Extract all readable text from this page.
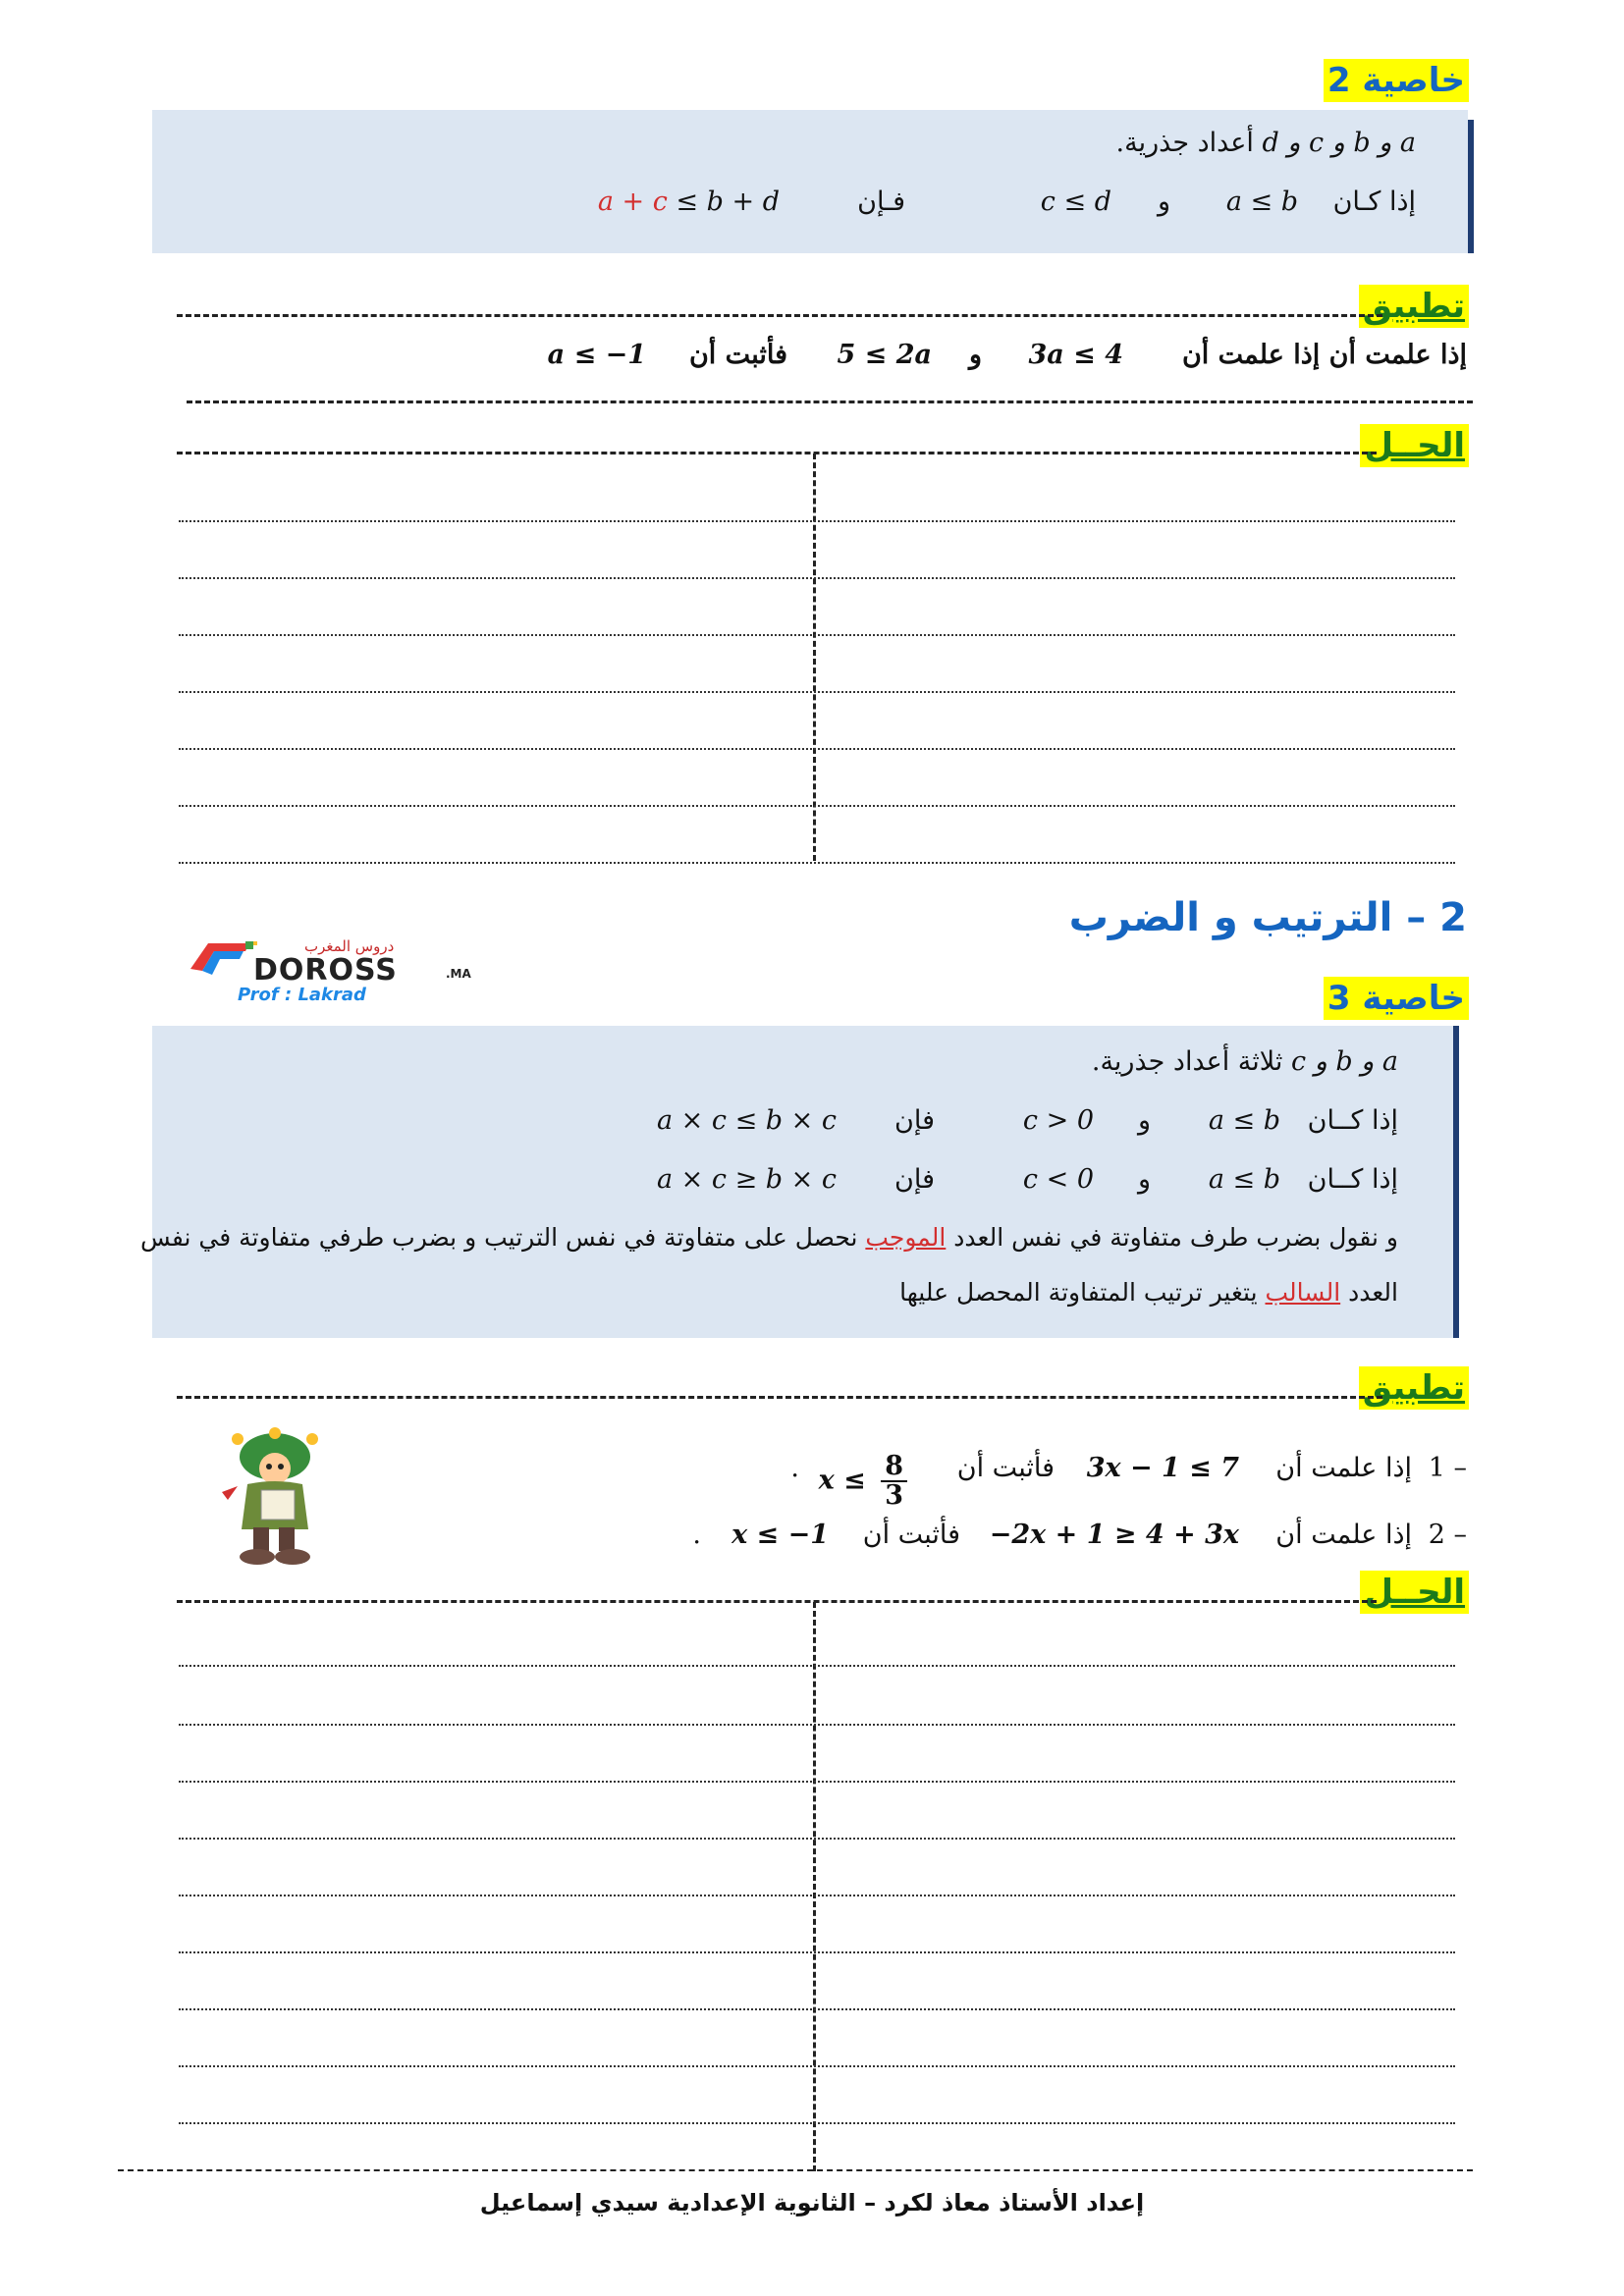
خاصية 2
a و b و c و d أعداد جذرية.
إذا كـان
a ≤ b
و
c ≤ d
فـإن
a + c ≤ b + d
تطبيق
إذا علمت أن إذا علمت أن
3a ≤ 4
و
5 ≤ 2a
فأثبت أن
a ≤ −1
الحــل
2 – الترتيب و الضرب
دروس المغرب
DOROSS	.MA
Prof : Lakrad	خاصية 3
a و b و c ثلاثة أعداد جذرية.
إذا كــان
a ≤ b
و
c > 0
فإن
a × c ≤ b × c
إذا كــان
a ≤ b
و
c < 0
فإن
a × c ≥ b × c
و نقول بضرب طرف متفاوتة في نفس العدد الموجب نحصل على متفاوتة في نفس الترتيب و بضرب طرفي متفاوتة في نفس
العدد السالب يتغير ترتيب المتفاوتة المحصل عليها
تطبيق
1 –
إذا علمت أن
3x − 1 ≤ 7
فأثبت أن
$x \le \frac{8}{3}$
.
2 –
إذا علمت أن
−2x + 1 ≥ 4 + 3x
فأثبت أن
x ≤ −1
.
الحــل
إعداد الأستاذ معاذ لكرد – الثانوية الإعدادية سيدي إسماعيل
